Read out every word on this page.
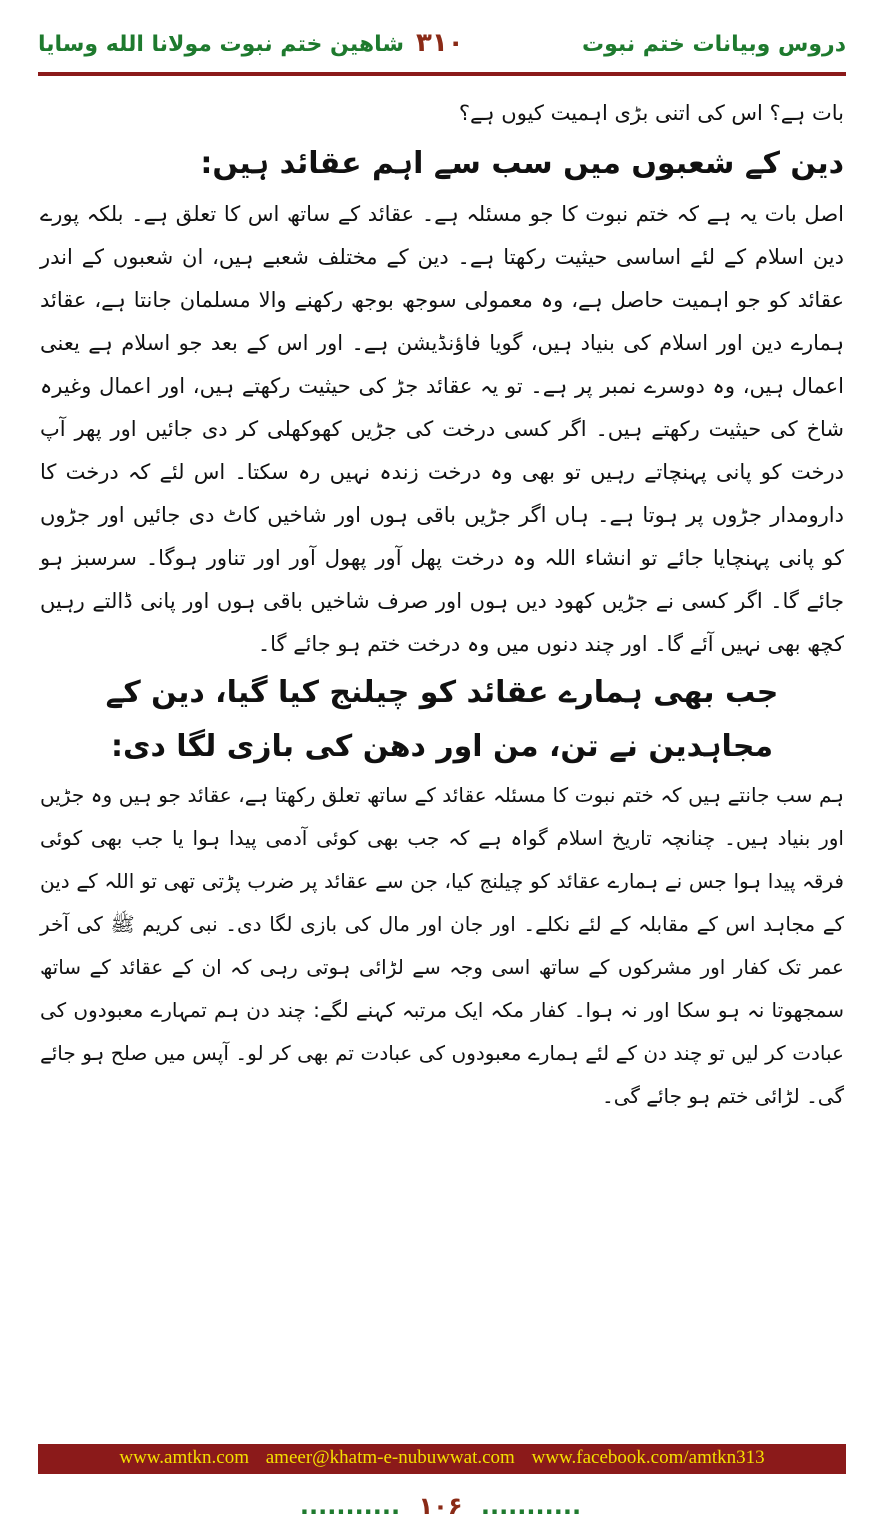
شاهین ختم نبوت مولانا الله وسایا ۳۱۰	دروس وبیانات ختم نبوت

بات ہے؟ اس کی اتنی بڑی اہمیت کیوں ہے؟

دین کے شعبوں میں سب سے اہم عقائد ہیں:

اصل بات یہ ہے کہ ختم نبوت کا جو مسئلہ ہے۔ عقائد کے ساتھ اس کا تعلق ہے۔ بلکہ پورے دین اسلام کے لئے اساسی حیثیت رکھتا ہے۔ دین کے مختلف شعبے ہیں، ان شعبوں کے اندر عقائد کو جو اہمیت حاصل ہے، وہ معمولی سوجھ بوجھ رکھنے والا مسلمان جانتا ہے، عقائد ہمارے دین اور اسلام کی بنیاد ہیں، گویا فاؤنڈیشن ہے۔ اور اس کے بعد جو اسلام ہے یعنی اعمال ہیں، وہ دوسرے نمبر پر ہے۔ تو یہ عقائد جڑ کی حیثیت رکھتے ہیں، اور اعمال وغیرہ شاخ کی حیثیت رکھتے ہیں۔ اگر کسی درخت کی جڑیں کھوکھلی کر دی جائیں اور پھر آپ درخت کو پانی پہنچاتے رہیں تو بھی وہ درخت زندہ نہیں رہ سکتا۔ اس لئے کہ درخت کا دارومدار جڑوں پر ہوتا ہے۔ ہاں اگر جڑیں باقی ہوں اور شاخیں کاٹ دی جائیں اور جڑوں کو پانی پہنچایا جائے تو انشاء اللہ وہ درخت پھل آور پھول آور اور تناور ہوگا۔ سرسبز ہو جائے گا۔ اگر کسی نے جڑیں کھود دیں ہوں اور صرف شاخیں باقی ہوں اور پانی ڈالتے رہیں کچھ بھی نہیں آئے گا۔ اور چند دنوں میں وہ درخت ختم ہو جائے گا۔

جب بھی ہمارے عقائد کو چیلنج کیا گیا، دین کے مجاہدین نے تن، من اور دھن کی بازی لگا دی:

ہم سب جانتے ہیں کہ ختم نبوت کا مسئلہ عقائد کے ساتھ تعلق رکھتا ہے، عقائد جو ہیں وہ جڑیں اور بنیاد ہیں۔ چنانچہ تاریخ اسلام گواہ ہے کہ جب بھی کوئی آدمی پیدا ہوا یا جب بھی کوئی فرقہ پیدا ہوا جس نے ہمارے عقائد کو چیلنج کیا، جن سے عقائد پر ضرب پڑتی تھی تو اللہ کے دین کے مجاہد اس کے مقابلہ کے لئے نکلے۔ اور جان اور مال کی بازی لگا دی۔ نبی کریم ﷺ کی آخر عمر تک کفار اور مشرکوں کے ساتھ اسی وجہ سے لڑائی ہوتی رہی کہ ان کے عقائد کے ساتھ سمجھوتا نہ ہو سکا اور نہ ہوا۔ کفار مکہ ایک مرتبہ کہنے لگے: چند دن ہم تمہارے معبودوں کی عبادت کر لیں تو چند دن کے لئے ہمارے معبودوں کی عبادت تم بھی کر لو۔ آپس میں صلح ہو جائے گی۔ لڑائی ختم ہو جائے گی۔

www.amtkn.com ameer@khatm-e-nubuwwat.com www.facebook.com/amtkn313
........... ۱۰۶ ...........
